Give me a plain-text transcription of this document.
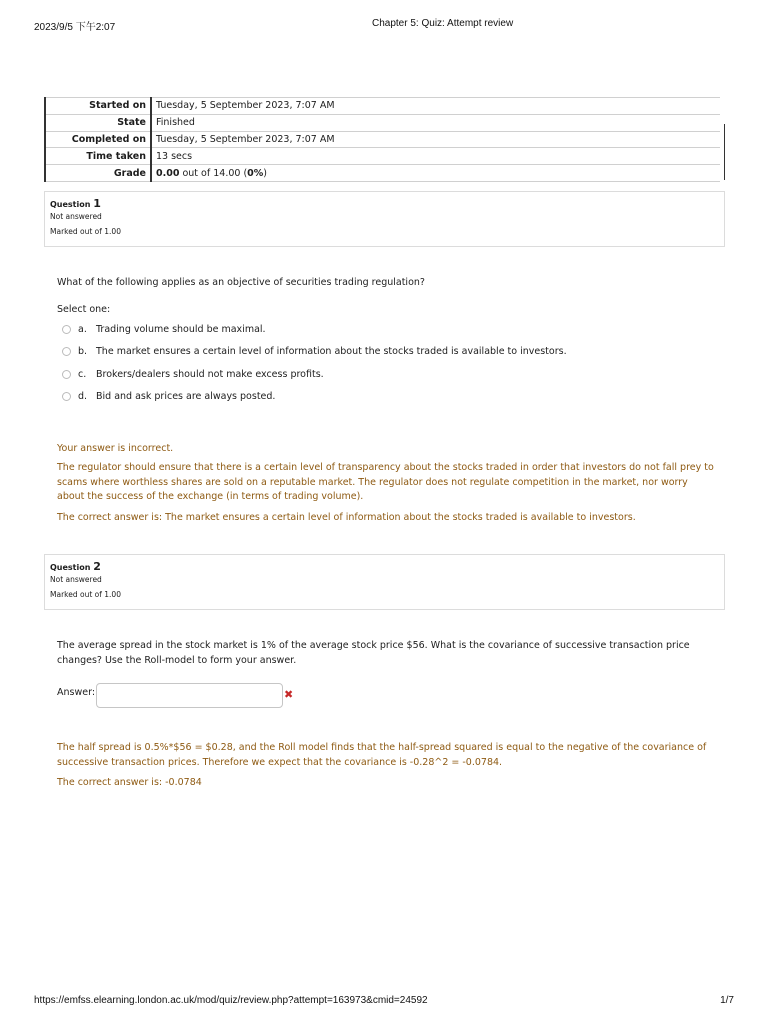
2023/9/5 下午2:07	Chapter 5: Quiz: Attempt review
Started on	Tuesday, 5 September 2023, 7:07 AM
State	Finished
Completed on	Tuesday, 5 September 2023, 7:07 AM
Time taken	13 secs
Grade	0.00 out of 14.00 (0%)
Question 1
Not answered
Marked out of 1.00
What of the following applies as an objective of securities trading regulation?
Select one:
a. Trading volume should be maximal.
b. The market ensures a certain level of information about the stocks traded is available to investors.
c.	Brokers/dealers should not make excess profits.
d. Bid and ask prices are always posted.
Your answer is incorrect.
The regulator should ensure that there is a certain level of transparency about the stocks traded in order that investors do not fall prey to scams where worthless shares are sold on a reputable market. The regulator does not regulate competition in the market, nor worry about the success of the exchange (in terms of trading volume).
The correct answer is: The market ensures a certain level of information about the stocks traded is available to investors.
Question 2
Not answered
Marked out of 1.00
The average spread in the stock market is 1% of the average stock price $56. What is the covariance of successive transaction price changes? Use the Roll-model to form your answer.
Answer:	✖
The half spread is 0.5%*$56 = $0.28, and the Roll model finds that the half-spread squared is equal to the negative of the covariance of successive transaction prices. Therefore we expect that the covariance is -0.28^2 = -0.0784.
The correct answer is: -0.0784
https://emfss.elearning.london.ac.uk/mod/quiz/review.php?attempt=163973&cmid=24592	1/7
